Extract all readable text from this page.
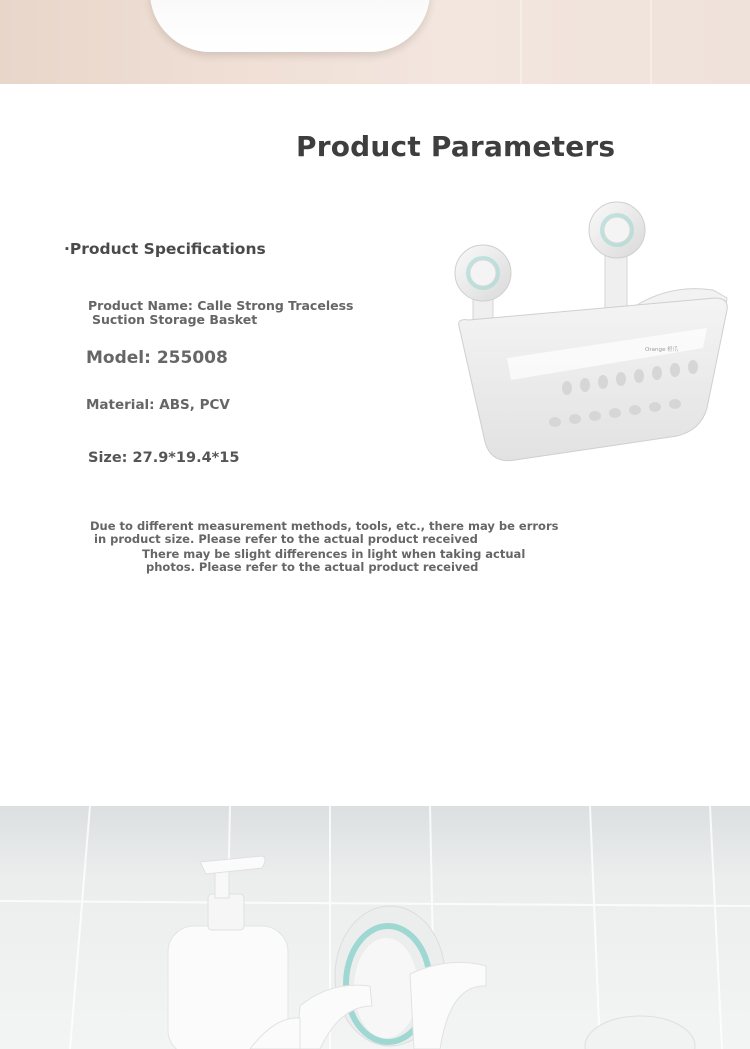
Product Parameters
·Product Specifications
Product Name: Calle Strong Traceless
Suction Storage Basket
Model: 255008
Material: ABS, PCV
Size: 27.9*19.4*15
Due to different measurement methods, tools, etc., there may be errors
in product size. Please refer to the actual product received
There may be slight differences in light when taking actual
photos. Please refer to the actual product received
Orange 橙爪
